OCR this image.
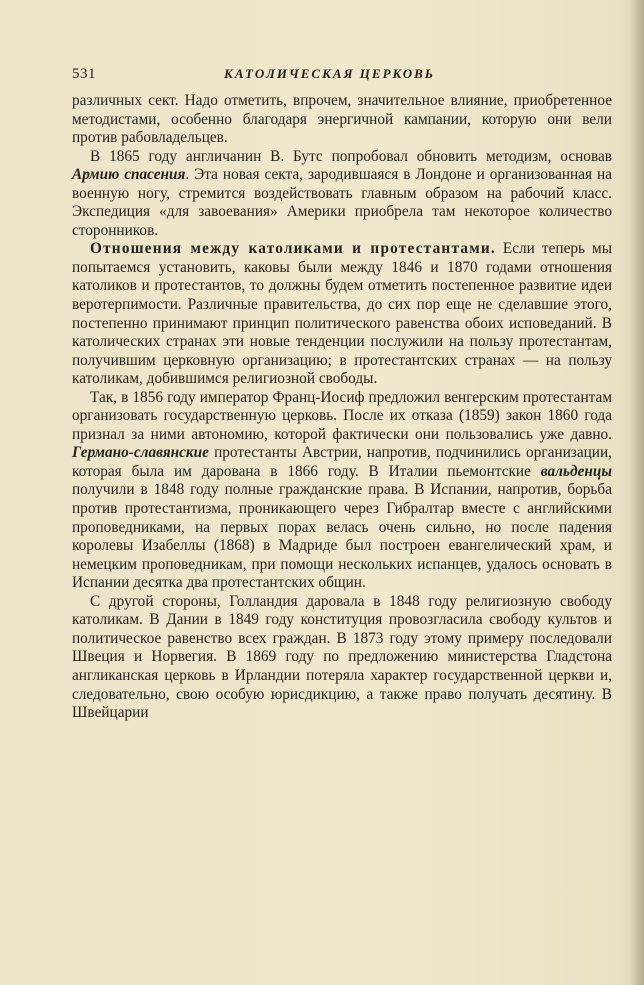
531	КАТОЛИЧЕСКАЯ ЦЕРКОВЬ

различных сект. Надо отметить, впрочем, значительное влияние, приобретенное методистами, особенно благодаря энергичной кампании, которую они вели против рабовладельцев.

В 1865 году англичанин В. Бутс попробовал обновить методизм, основав Армию спасения. Эта новая секта, зародившаяся в Лондоне и организованная на военную ногу, стремится воздействовать главным образом на рабочий класс. Экспедиция «для завоевания» Америки приобрела там некоторое количество сторонников.

Отношения между католиками и протестантами. Если теперь мы попытаемся установить, каковы были между 1846 и 1870 годами отношения католиков и протестантов, то должны будем отметить постепенное развитие идеи веротерпимости. Различные правительства, до сих пор еще не сделавшие этого, постепенно принимают принцип политического равенства обоих исповеданий. В католических странах эти новые тенденции послужили на пользу протестантам, получившим церковную организацию; в протестантских странах — на пользу католикам, добившимся религиозной свободы.

Так, в 1856 году император Франц-Иосиф предложил венгерским протестантам организовать государственную церковь. После их отказа (1859) закон 1860 года признал за ними автономию, которой фактически они пользовались уже давно. Германо-славянские протестанты Австрии, напротив, подчинились организации, которая была им дарована в 1866 году. В Италии пьемонтские вальденцы получили в 1848 году полные гражданские права. В Испании, напротив, борьба против протестантизма, проникающего через Гибралтар вместе с английскими проповедниками, на первых порах велась очень сильно, но после падения королевы Изабеллы (1868) в Мадриде был построен евангелический храм, и немецким проповедникам, при помощи нескольких испанцев, удалось основать в Испании десятка два протестантских общин.

С другой стороны, Голландия даровала в 1848 году религиозную свободу католикам. В Дании в 1849 году конституция провозгласила свободу культов и политическое равенство всех граждан. В 1873 году этому примеру последовали Швеция и Норвегия. В 1869 году по предложению министерства Гладстона англиканская церковь в Ирландии потеряла характер государственной церкви и, следовательно, свою особую юрисдикцию, а также право получать десятину. В Швейцарии
